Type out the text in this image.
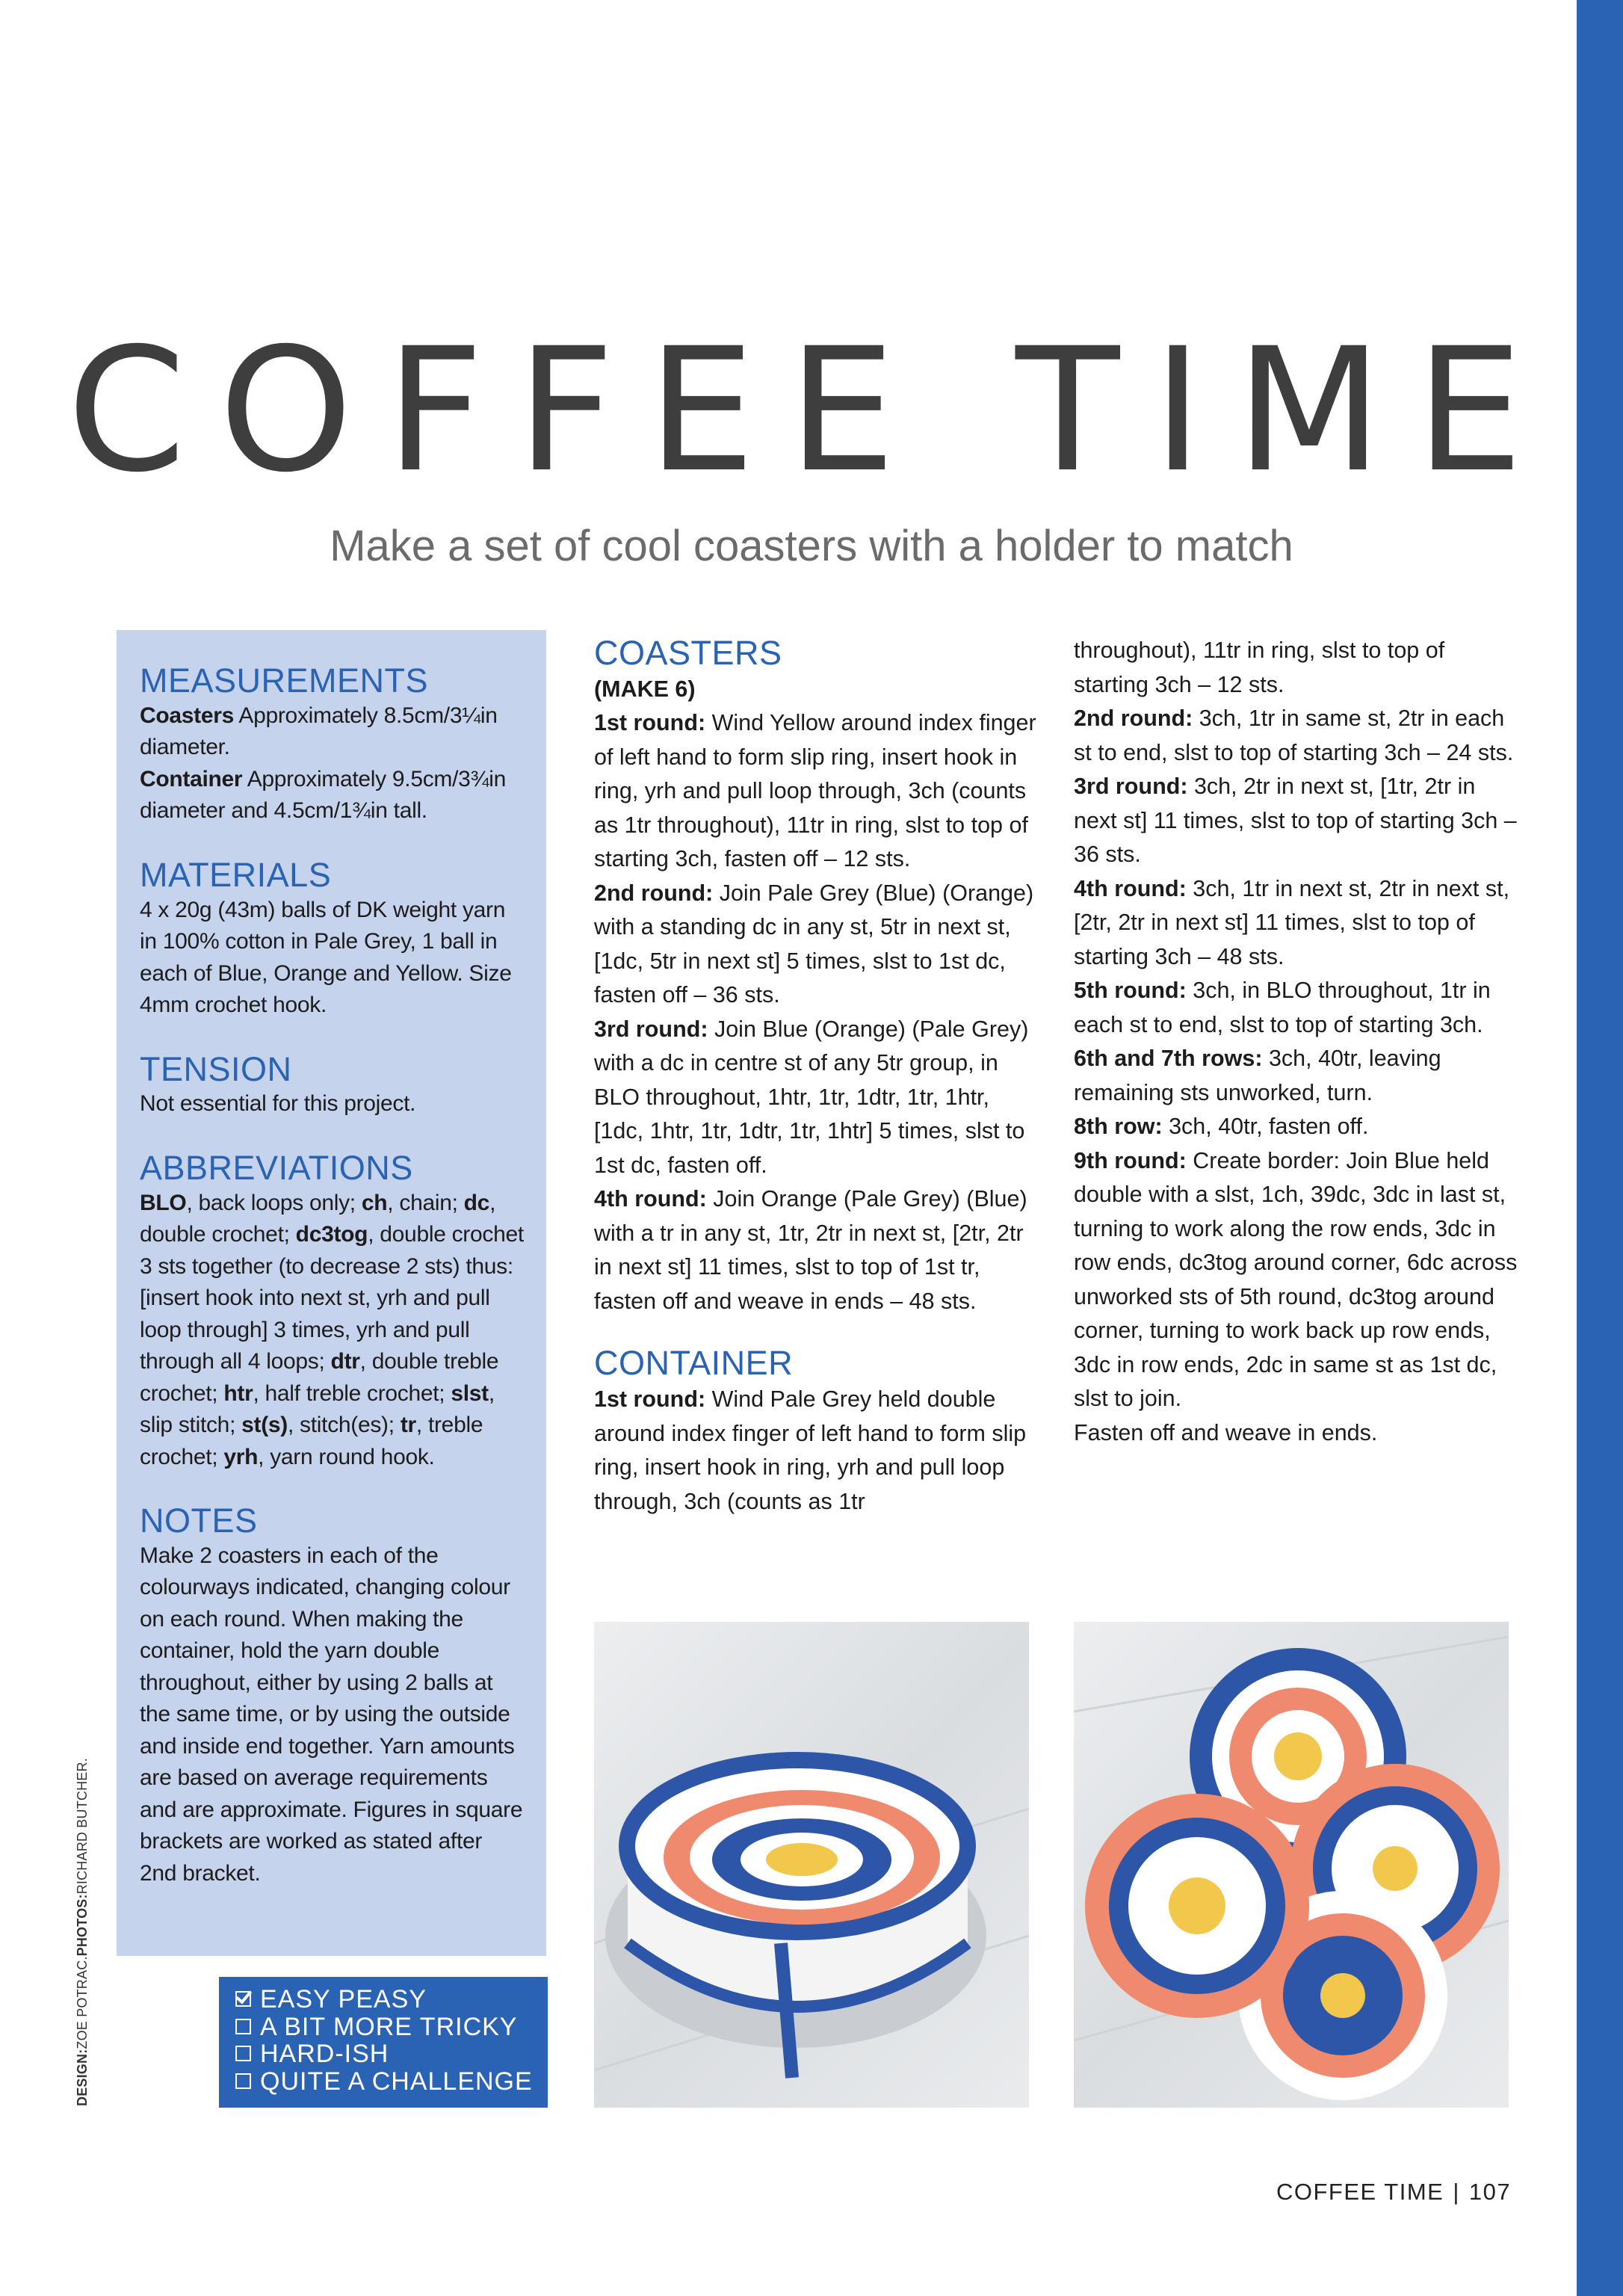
COFFEE TIME
Make a set of cool coasters with a holder to match
MEASUREMENTS

Coasters Approximately 8.5cm/3¼in diameter.
Container Approximately 9.5cm/3¾in diameter and 4.5cm/1¾in tall.

MATERIALS

4 x 20g (43m) balls of DK weight yarn in 100% cotton in Pale Grey, 1 ball in each of Blue, Orange and Yellow. Size 4mm crochet hook.

TENSION

Not essential for this project.

ABBREVIATIONS

BLO, back loops only; ch, chain; dc, double crochet; dc3tog, double crochet 3 sts together (to decrease 2 sts) thus: [insert hook into next st, yrh and pull loop through] 3 times, yrh and pull through all 4 loops; dtr, double treble crochet; htr, half treble crochet; slst, slip stitch; st(s), stitch(es); tr, treble crochet; yrh, yarn round hook.

NOTES

Make 2 coasters in each of the colourways indicated, changing colour on each round. When making the container, hold the yarn double throughout, either by using 2 balls at the same time, or by using the outside and inside end together. Yarn amounts are based on average requirements and are approximate. Figures in square brackets are worked as stated after 2nd bracket.

EASY PEASY
A BIT MORE TRICKY
HARD-ISH
QUITE A CHALLENGE
COASTERS

(MAKE 6)

1st round: Wind Yellow around index finger of left hand to form slip ring, insert hook in ring, yrh and pull loop through, 3ch (counts as 1tr throughout), 11tr in ring, slst to top of starting 3ch, fasten off – 12 sts.

2nd round: Join Pale Grey (Blue) (Orange) with a standing dc in any st, 5tr in next st, [1dc, 5tr in next st] 5 times, slst to 1st dc, fasten off – 36 sts.

3rd round: Join Blue (Orange) (Pale Grey) with a dc in centre st of any 5tr group, in BLO throughout, 1htr, 1tr, 1dtr, 1tr, 1htr, [1dc, 1htr, 1tr, 1dtr, 1tr, 1htr] 5 times, slst to 1st dc, fasten off.

4th round: Join Orange (Pale Grey) (Blue) with a tr in any st, 1tr, 2tr in next st, [2tr, 2tr in next st] 11 times, slst to top of 1st tr, fasten off and weave in ends – 48 sts.

CONTAINER

1st round: Wind Pale Grey held double around index finger of left hand to form slip ring, insert hook in ring, yrh and pull loop through, 3ch (counts as 1tr

throughout), 11tr in ring, slst to top of starting 3ch – 12 sts.

2nd round: 3ch, 1tr in same st, 2tr in each st to end, slst to top of starting 3ch – 24 sts.

3rd round: 3ch, 2tr in next st, [1tr, 2tr in next st] 11 times, slst to top of starting 3ch – 36 sts.

4th round: 3ch, 1tr in next st, 2tr in next st, [2tr, 2tr in next st] 11 times, slst to top of starting 3ch – 48 sts.

5th round: 3ch, in BLO throughout, 1tr in each st to end, slst to top of starting 3ch.

6th and 7th rows: 3ch, 40tr, leaving remaining sts unworked, turn.

8th row: 3ch, 40tr, fasten off.

9th round: Create border: Join Blue held double with a slst, 1ch, 39dc, 3dc in last st, turning to work along the row ends, 3dc in row ends, dc3tog around corner, 6dc across unworked sts of 5th round, dc3tog around corner, turning to work back up row ends, 3dc in row ends, 2dc in same st as 1st dc, slst to join.

Fasten off and weave in ends.

DESIGN:ZOE POTRAC.PHOTOS:RICHARD BUTCHER.
COFFEE TIME | 107
